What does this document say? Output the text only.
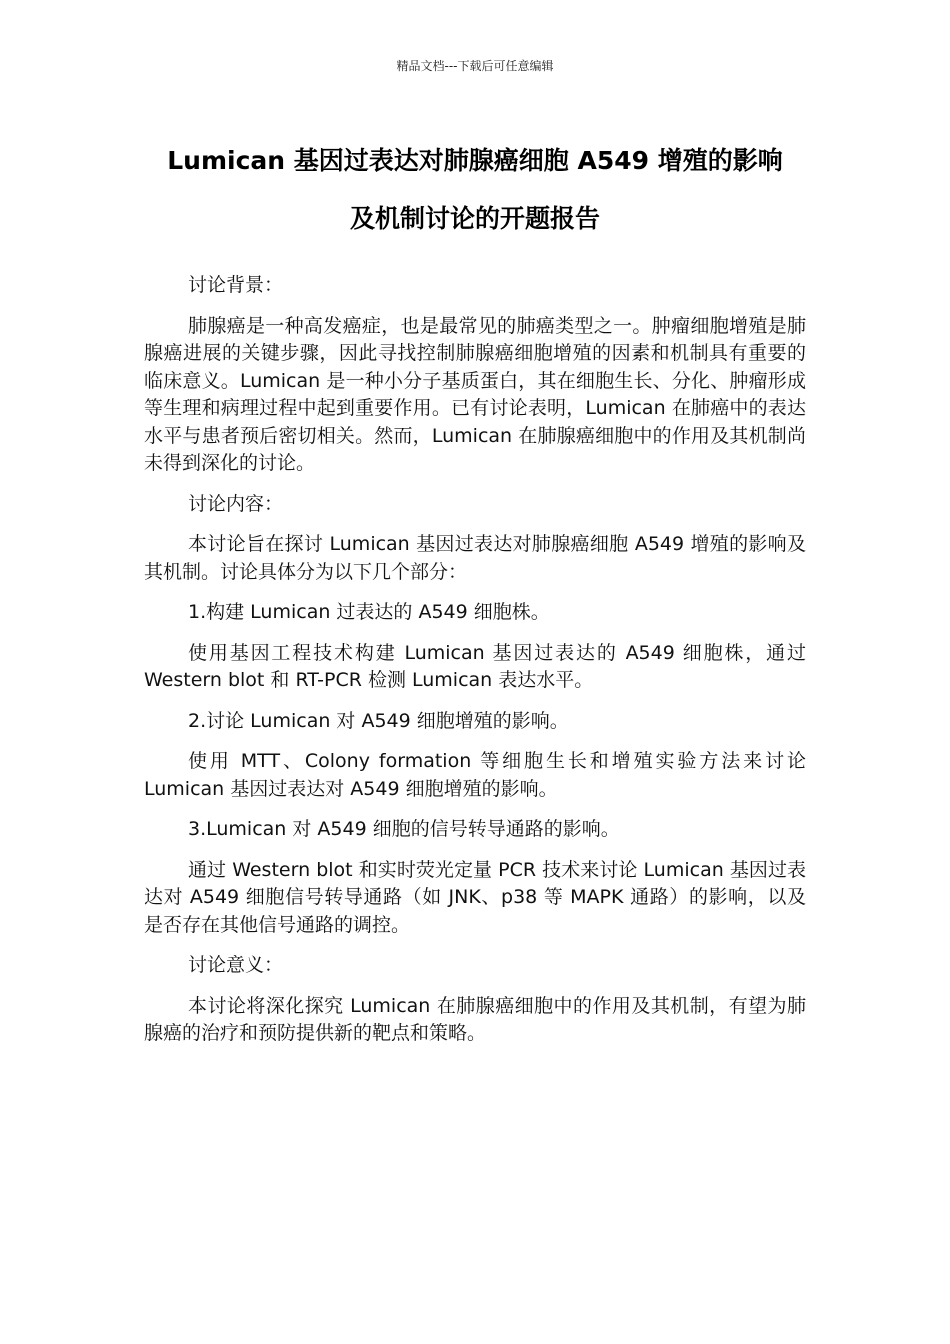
精品文档---下载后可任意编辑
Lumican 基因过表达对肺腺癌细胞 A549 增殖的影响
及机制讨论的开题报告

讨论背景：

肺腺癌是一种高发癌症，也是最常见的肺癌类型之一。肿瘤细胞增殖是肺腺癌进展的关键步骤，因此寻找控制肺腺癌细胞增殖的因素和机制具有重要的临床意义。Lumican 是一种小分子基质蛋白，其在细胞生长、分化、肿瘤形成等生理和病理过程中起到重要作用。已有讨论表明，Lumican 在肺癌中的表达水平与患者预后密切相关。然而，Lumican 在肺腺癌细胞中的作用及其机制尚未得到深化的讨论。

讨论内容：

本讨论旨在探讨 Lumican 基因过表达对肺腺癌细胞 A549 增殖的影响及其机制。讨论具体分为以下几个部分：

1.构建 Lumican 过表达的 A549 细胞株。

使用基因工程技术构建 Lumican 基因过表达的 A549 细胞株，通过 Western blot 和 RT-PCR 检测 Lumican 表达水平。

2.讨论 Lumican 对 A549 细胞增殖的影响。

使用 MTT、Colony formation 等细胞生长和增殖实验方法来讨论 Lumican 基因过表达对 A549 细胞增殖的影响。

3.Lumican 对 A549 细胞的信号转导通路的影响。

通过 Western blot 和实时荧光定量 PCR 技术来讨论 Lumican 基因过表达对 A549 细胞信号转导通路（如 JNK、p38 等 MAPK 通路）的影响，以及是否存在其他信号通路的调控。

讨论意义：

本讨论将深化探究 Lumican 在肺腺癌细胞中的作用及其机制，有望为肺腺癌的治疗和预防提供新的靶点和策略。
